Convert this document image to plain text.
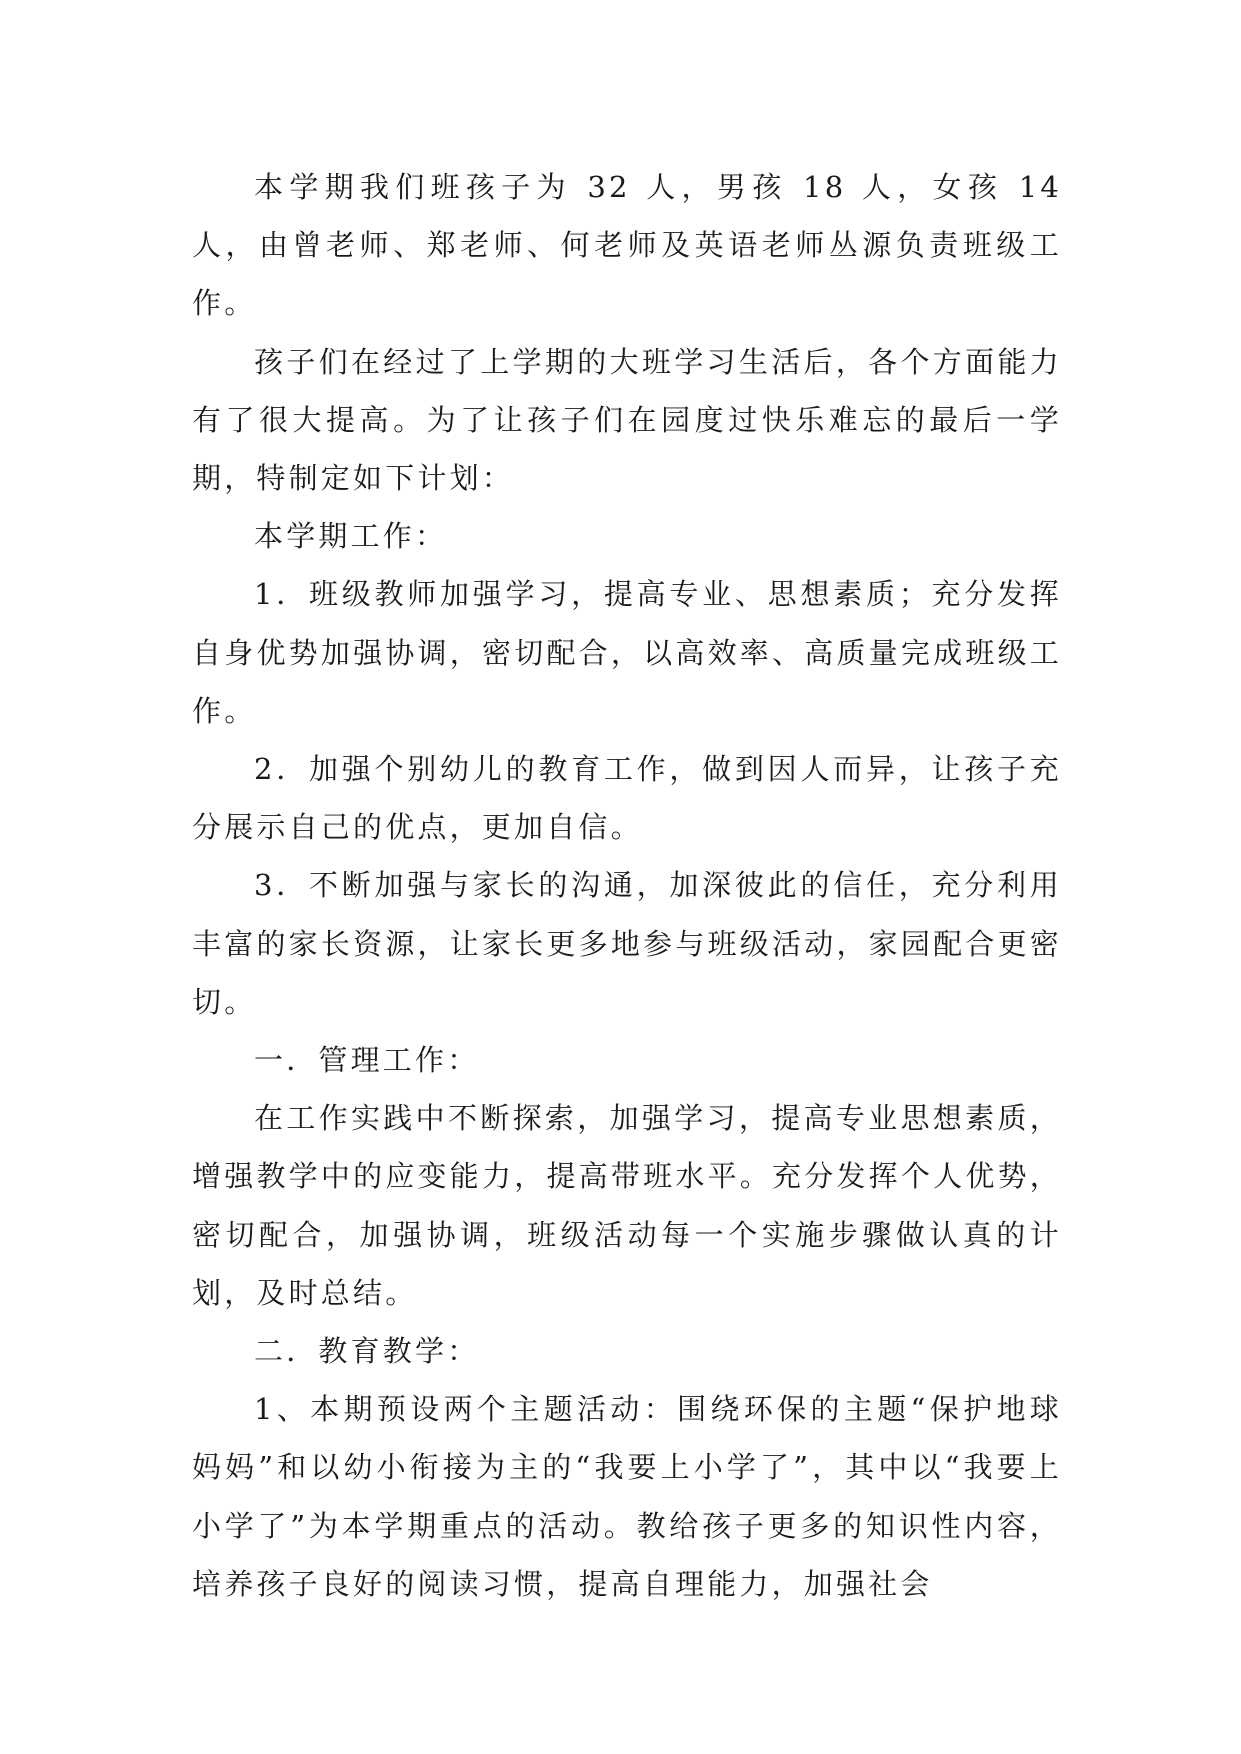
本学期我们班孩子为 32 人，男孩 18 人，女孩 14 人，由曾老师、郑老师、何老师及英语老师丛源负责班级工作。

孩子们在经过了上学期的大班学习生活后，各个方面能力有了很大提高。为了让孩子们在园度过快乐难忘的最后一学期，特制定如下计划：

本学期工作：

1．班级教师加强学习，提高专业、思想素质；充分发挥自身优势加强协调，密切配合，以高效率、高质量完成班级工作。

2．加强个别幼儿的教育工作，做到因人而异，让孩子充分展示自己的优点，更加自信。

3．不断加强与家长的沟通，加深彼此的信任，充分利用丰富的家长资源，让家长更多地参与班级活动，家园配合更密切。

一．管理工作：

在工作实践中不断探索，加强学习，提高专业思想素质，增强教学中的应变能力，提高带班水平。充分发挥个人优势，密切配合，加强协调，班级活动每一个实施步骤做认真的计划，及时总结。

二．教育教学：

1、本期预设两个主题活动：围绕环保的主题“保护地球妈妈”和以幼小衔接为主的“我要上小学了”，其中以“我要上小学了”为本学期重点的活动。教给孩子更多的知识性内容，培养孩子良好的阅读习惯，提高自理能力，加强社会
